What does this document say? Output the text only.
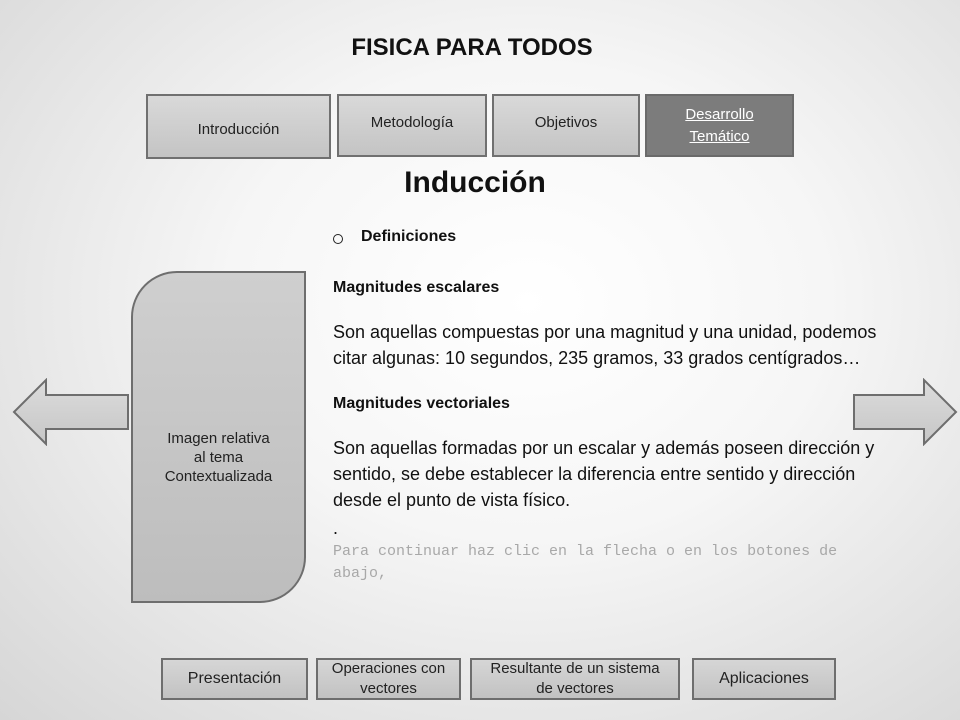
FISICA PARA TODOS
Introducción	Metodología	Objetivos	Desarrollo Temático
Inducción
Definiciones
Magnitudes escalares
Son aquellas compuestas por una magnitud y una unidad, podemos citar algunas: 10 segundos, 235 gramos, 33 grados centígrados…
Magnitudes vectoriales
Son aquellas formadas por un escalar y además poseen dirección y sentido, se debe establecer la diferencia entre sentido y dirección desde el punto de vista físico.
.
Para continuar haz clic en la flecha o en los botones de abajo,
Imagen relativa
al tema
Contextualizada
Presentación
Operaciones con vectores
Resultante de un sistema de vectores
Aplicaciones
